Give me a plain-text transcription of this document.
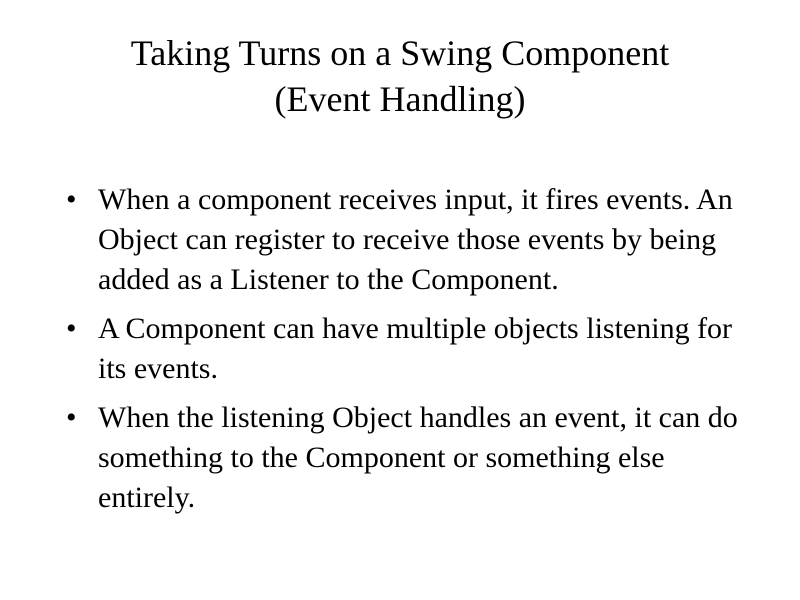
Taking Turns on a Swing Component
(Event Handling)
• When a component receives input, it fires events. An Object can register to receive those events by being added as a Listener to the Component.
• A Component can have multiple objects listening for its events.
• When the listening Object handles an event, it can do something to the Component or something else entirely.
